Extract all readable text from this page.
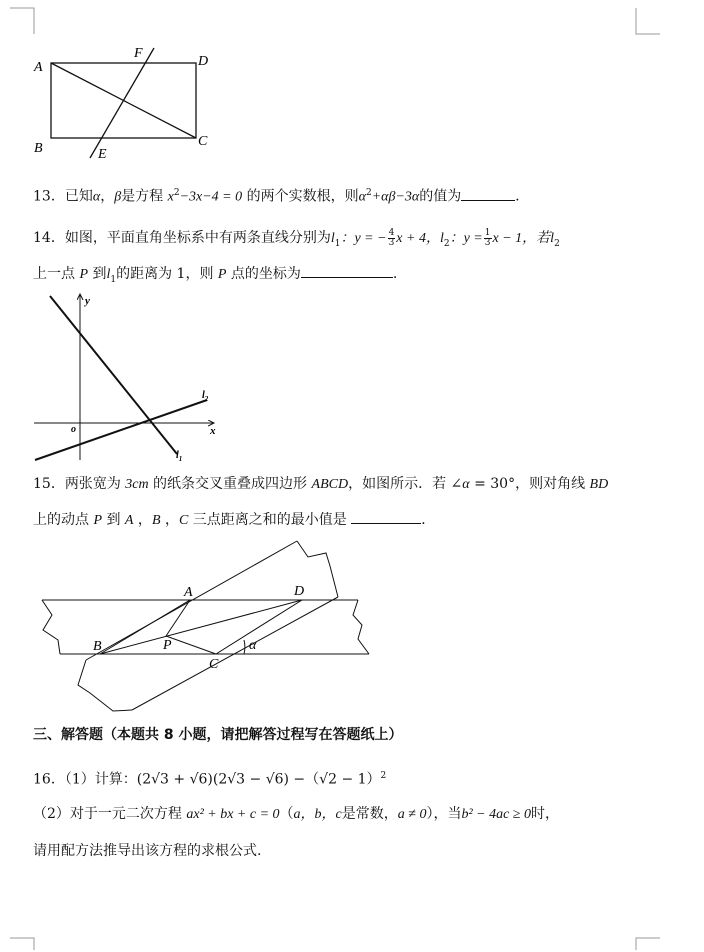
A
B	C
D
E
F
13．已知α，β是方程 $x^2-3x-4 = 0$ 的两个实数根，则$\alpha^2+\alpha\beta-3\alpha$的值为	．
14．如图，平面直角坐标系中有两条直线分别为$l_1$：y = − $\frac{4}{3}$ x + 4，$l_2$：$y = \frac{1}{3}$ x − 1，若$l_2$
上一点 P 到$l_1$的距离为 1，则 P 点的坐标为	.
y
x
o
$l_1$
$l_2$
15．两张宽为 3cm 的纸条交叉重叠成四边形 ABCD，如图所示．若 ∠α = 30°，则对角线 BD
上的动点 P 到 A ，B ，C 三点距离之和的最小值是	．
A
B
C
D
P	α
三、解答题（本题共 8 小题，请把解答过程写在答题纸上）
16．（1）计算：$(2√3 + √6)(2√3 - √6) -(√2 - 1)^2$
（2）对于一元二次方程 ax² + bx + c = 0（a，b，c是常数，a ≠ 0），当b² − 4ac ≥ 0时，
请用配方法推导出该方程的求根公式.
